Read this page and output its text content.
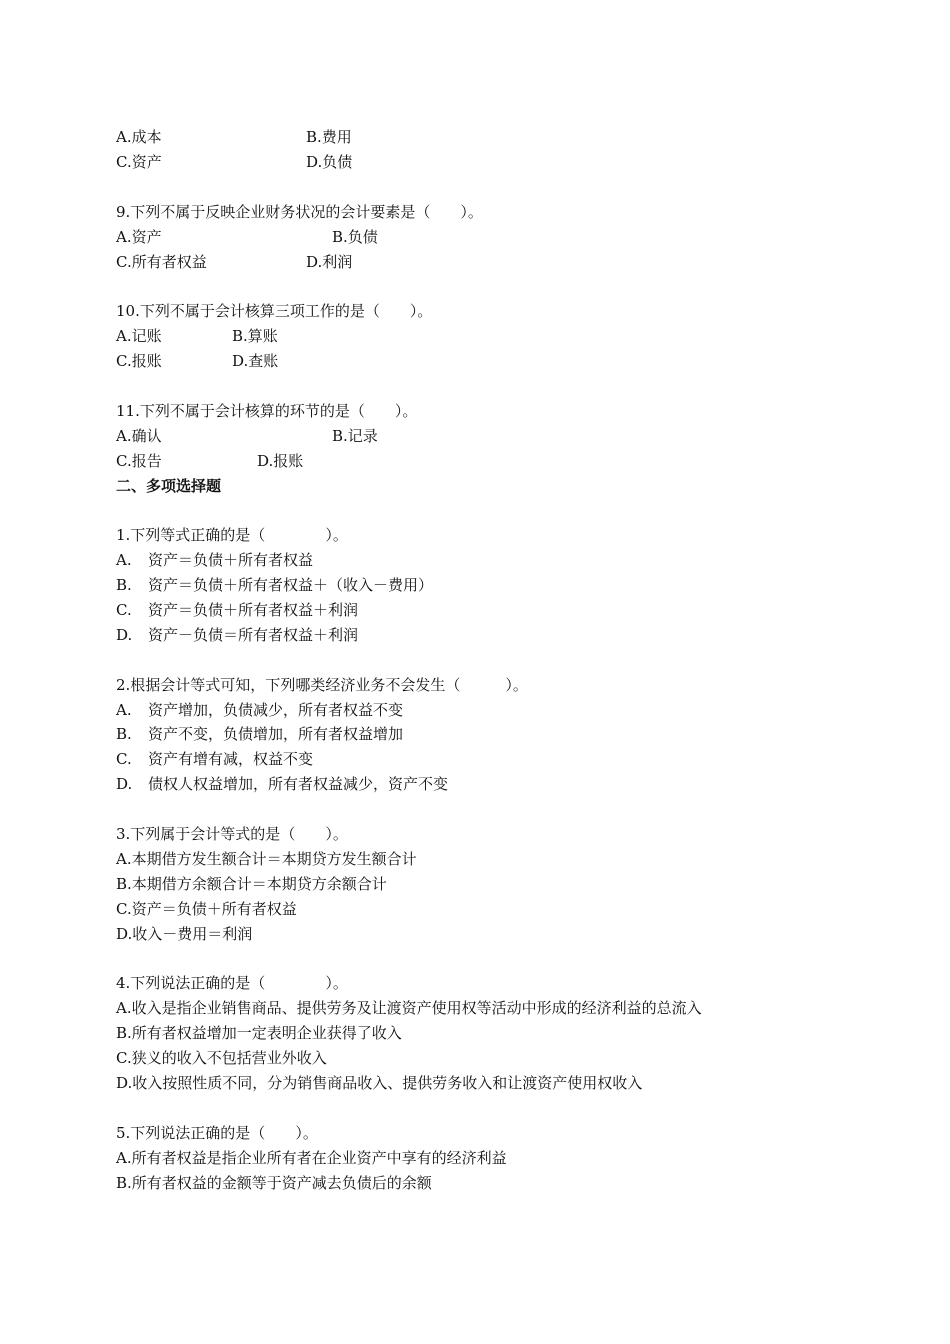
A.成本	B.费用
C.资产	D.负债
9.下列不属于反映企业财务状况的会计要素是（　　）。
A.资产	B.负债
C.所有者权益	D.利润
10.下列不属于会计核算三项工作的是（　　）。
A.记账	B.算账
C.报账	D.查账
11.下列不属于会计核算的环节的是（　　）。
A.确认	B.记录
C.报告	D.报账
二、多项选择题
1.下列等式正确的是（　　　　）。
A. 资产＝负债＋所有者权益
B. 资产＝负债＋所有者权益＋（收入－费用）
C. 资产＝负债＋所有者权益＋利润
D. 资产－负债＝所有者权益＋利润
2.根据会计等式可知，下列哪类经济业务不会发生（　　　）。
A. 资产增加，负债减少，所有者权益不变
B. 资产不变，负债增加，所有者权益增加
C. 资产有增有减，权益不变
D. 债权人权益增加，所有者权益减少，资产不变
3.下列属于会计等式的是（　　）。
A.本期借方发生额合计＝本期贷方发生额合计
B.本期借方余额合计＝本期贷方余额合计
C.资产＝负债＋所有者权益
D.收入－费用＝利润
4.下列说法正确的是（　　　　）。
A.收入是指企业销售商品、提供劳务及让渡资产使用权等活动中形成的经济利益的总流入
B.所有者权益增加一定表明企业获得了收入
C.狭义的收入不包括营业外收入
D.收入按照性质不同，分为销售商品收入、提供劳务收入和让渡资产使用权收入
5.下列说法正确的是（　　）。
A.所有者权益是指企业所有者在企业资产中享有的经济利益
B.所有者权益的金额等于资产减去负债后的余额
